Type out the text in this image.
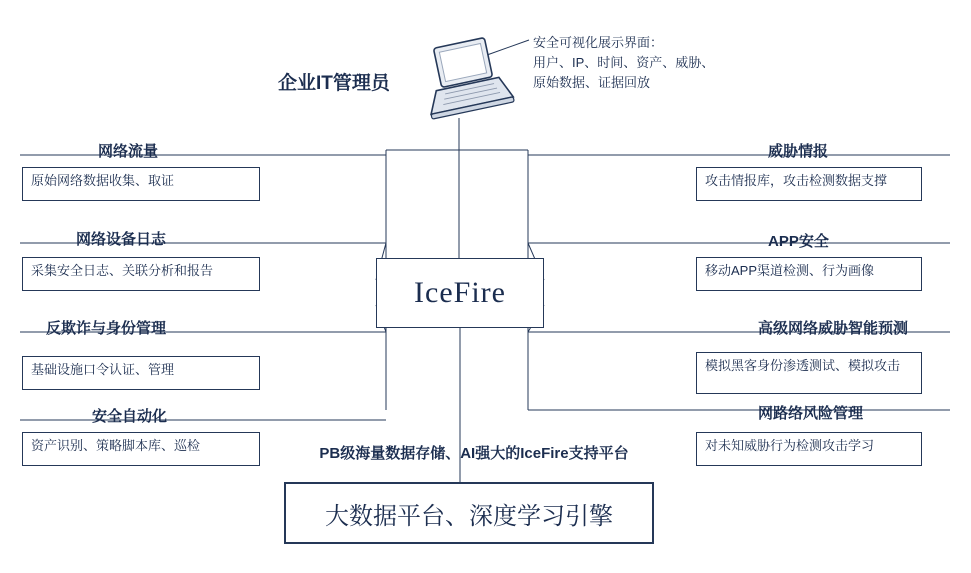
企业IT管理员
安全可视化展示界面：
用户、IP、时间、资产、威胁、
原始数据、证据回放
IceFire
网络流量
原始网络数据收集、取证
网络设备日志
采集安全日志、关联分析和报告
反欺诈与身份管理
基础设施口令认证、管理
安全自动化
资产识别、策略脚本库、巡检
威胁情报
攻击情报库，攻击检测数据支撑
APP安全
移动APP渠道检测、行为画像
高级网络威胁智能预测
模拟黑客身份渗透测试、模拟攻击
网路络风险管理
对未知威胁行为检测攻击学习
PB级海量数据存储、AI强大的IceFire支持平台
大数据平台、深度学习引擎
